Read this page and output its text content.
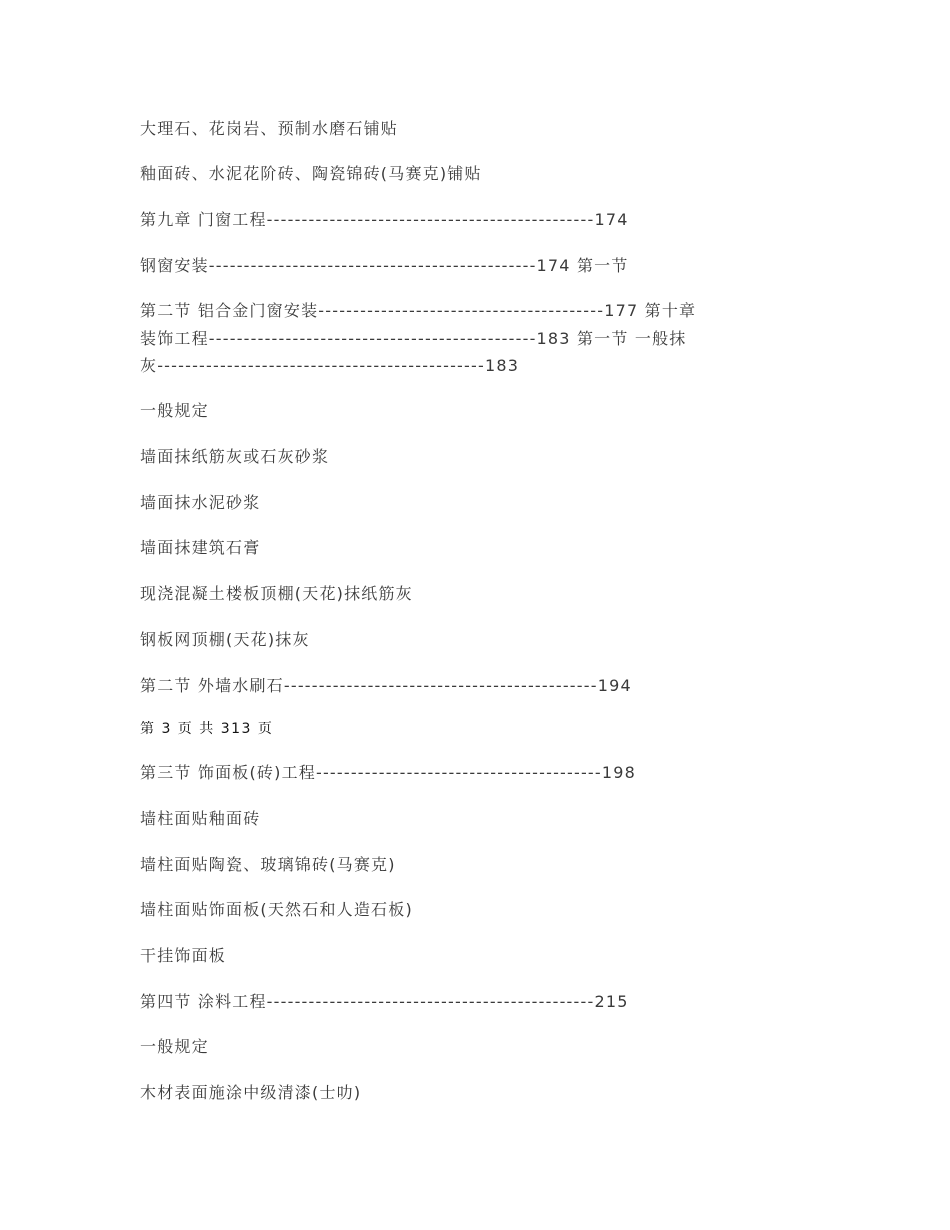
大理石、花岗岩、预制水磨石铺贴
釉面砖、水泥花阶砖、陶瓷锦砖(马赛克)铺贴
第九章 门窗工程-----------------------------------------------174
钢窗安装-----------------------------------------------174 第一节
第二节 铝合金门窗安装-----------------------------------------177 第十章
装饰工程-----------------------------------------------183 第一节 一般抹
灰-----------------------------------------------183
一般规定
墙面抹纸筋灰或石灰砂浆
墙面抹水泥砂浆
墙面抹建筑石膏
现浇混凝土楼板顶棚(天花)抹纸筋灰
钢板网顶棚(天花)抹灰
第二节 外墙水刷石---------------------------------------------194
第 3 页 共 313 页
第三节 饰面板(砖)工程-----------------------------------------198
墙柱面贴釉面砖
墙柱面贴陶瓷、玻璃锦砖(马赛克)
墙柱面贴饰面板(天然石和人造石板)
干挂饰面板
第四节 涂料工程-----------------------------------------------215
一般规定
木材表面施涂中级清漆(士叻)
